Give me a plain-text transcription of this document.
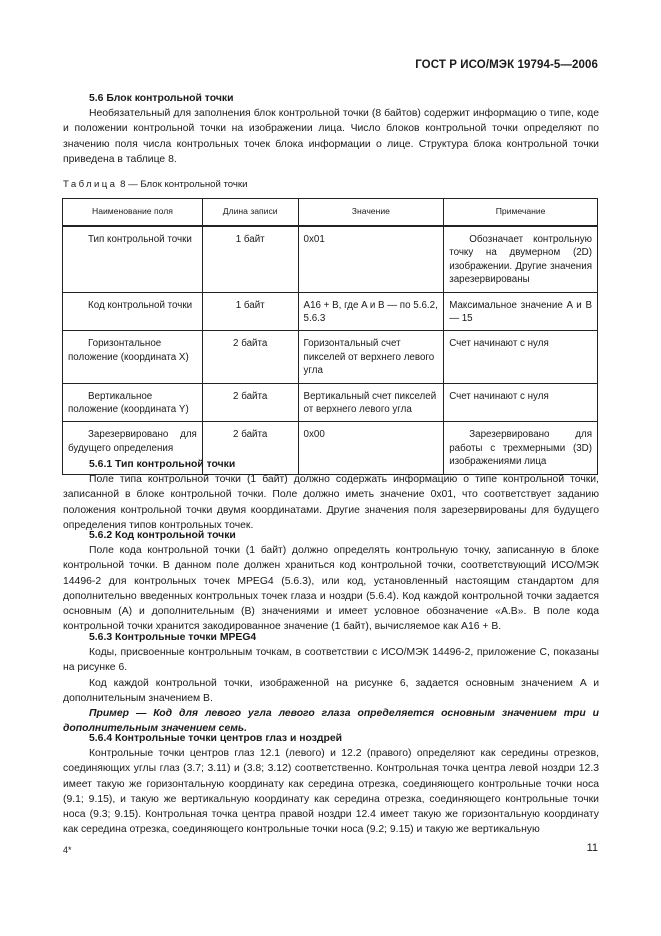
ГОСТ Р ИСО/МЭК 19794-5—2006
5.6 Блок контрольной точки

Необязательный для заполнения блок контрольной точки (8 байтов) содержит информацию о типе, коде и положении контрольной точки на изображении лица. Число блоков контрольной точки определяют по значению поля числа контрольных точек блока информации о лице. Структура блока контрольной точки приведена в таблице 8.

Таблица 8 — Блок контрольной точки
Наименование поля	Длина записи	Значение	Примечание
Тип контрольной точки	1 байт	0x01	Обозначает контрольную точку на двумерном (2D) изображении. Другие значения зарезервированы
Код контрольной точки	1 байт	A16 + B, где A и B — по 5.6.2, 5.6.3	Максимальное значение A и B — 15
Горизонтальное положение (координата X)	2 байта	Горизонтальный счет пикселей от верхнего левого угла	Счет начинают с нуля
Вертикальное положение (координата Y)	2 байта	Вертикальный счет пикселей от верхнего левого угла	Счет начинают с нуля
Зарезервировано для будущего определения	2 байта	0x00	Зарезервировано для работы с трехмерными (3D) изображениями лица
5.6.1 Тип контрольной точки

Поле типа контрольной точки (1 байт) должно содержать информацию о типе контрольной точки, записанной в блоке контрольной точки. Поле должно иметь значение 0x01, что соответствует заданию положения контрольной точки двумя координатами. Другие значения поля зарезервированы для будущего определения типов контрольных точек.

5.6.2 Код контрольной точки

Поле кода контрольной точки (1 байт) должно определять контрольную точку, записанную в блоке контрольной точки. В данном поле должен храниться код контрольной точки, соответствующий ИСО/МЭК 14496-2 для контрольных точек MPEG4 (5.6.3), или код, установленный настоящим стандартом для дополнительно введенных контрольных точек глаза и ноздри (5.6.4). Код каждой контрольной точки задается основным (A) и дополнительным (B) значениями и имеет условное обозначение «A.B». В поле кода контрольной точки хранится закодированное значение (1 байт), вычисляемое как A16 + B.

5.6.3 Контрольные точки MPEG4

Коды, присвоенные контрольным точкам, в соответствии с ИСО/МЭК 14496-2, приложение С, показаны на рисунке 6.

Код каждой контрольной точки, изображенной на рисунке 6, задается основным значением A и дополнительным значением B.

Пример — Код для левого угла левого глаза определяется основным значением три и дополнительным значением семь.

5.6.4 Контрольные точки центров глаз и ноздрей

Контрольные точки центров глаз 12.1 (левого) и 12.2 (правого) определяют как середины отрезков, соединяющих углы глаз (3.7; 3.11) и (3.8; 3.12) соответственно. Контрольная точка центра левой ноздри 12.3 имеет такую же горизонтальную координату как середина отрезка, соединяющего контрольные точки носа (9.1; 9.15), и такую же вертикальную координату как середина отрезка, соединяющего контрольные точки носа (9.3; 9.15). Контрольная точка центра правой ноздри 12.4 имеет такую же горизонтальную координату как середина отрезка, соединяющего контрольные точки носа (9.2; 9.15) и такую же вертикальную

4*	11
